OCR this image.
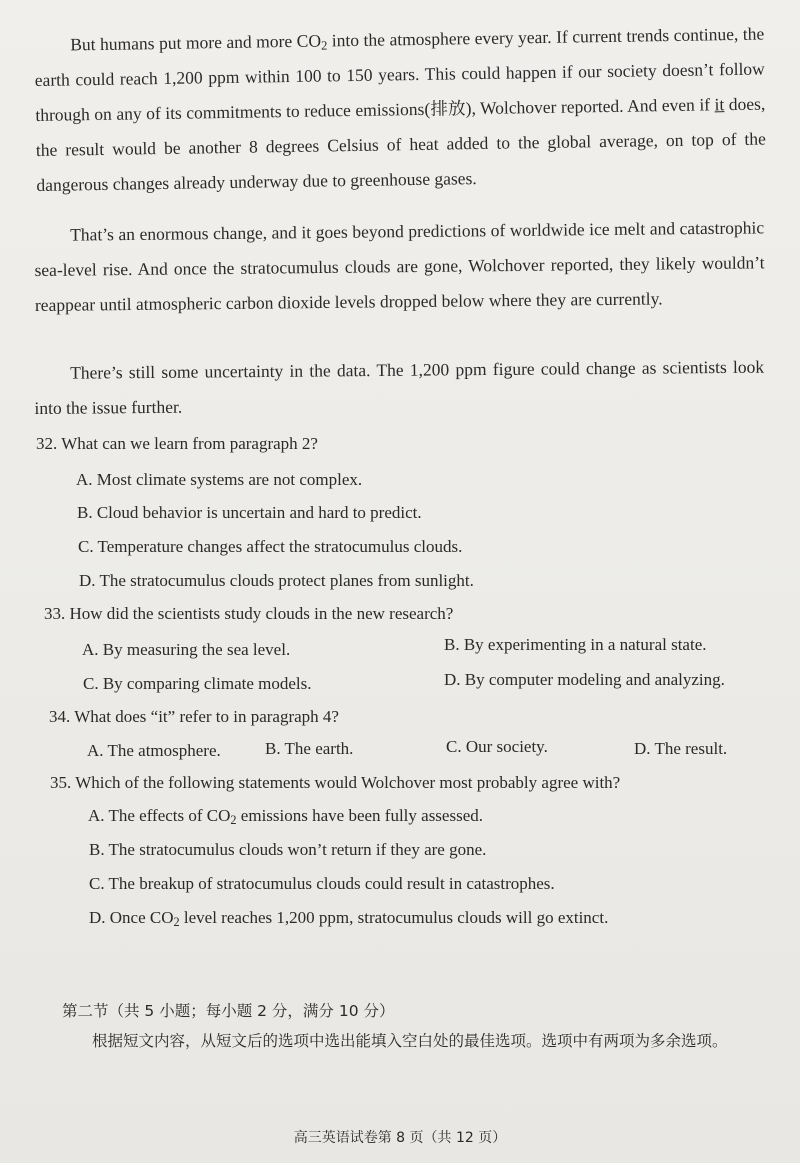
But humans put more and more $CO_2$ into the atmosphere every year. If current trends continue, the earth could reach 1,200 ppm within 100 to 150 years. This could happen if our society doesn’t follow through on any of its commitments to reduce emissions(排放), Wolchover reported. And even if it does, the result would be another 8 degrees Celsius of heat added to the global average, on top of the dangerous changes already underway due to greenhouse gases.

That’s an enormous change, and it goes beyond predictions of worldwide ice melt and catastrophic sea-level rise. And once the stratocumulus clouds are gone, Wolchover reported, they likely wouldn’t reappear until atmospheric carbon dioxide levels dropped below where they are currently.

There’s still some uncertainty in the data. The 1,200 ppm figure could change as scientists look into the issue further.

32. What can we learn from paragraph 2?
A. Most climate systems are not complex.
B. Cloud behavior is uncertain and hard to predict.
C. Temperature changes affect the stratocumulus clouds.
D. The stratocumulus clouds protect planes from sunlight.
33. How did the scientists study clouds in the new research?
A. By measuring the sea level.	B. By experimenting in a natural state.
C. By comparing climate models.	D. By computer modeling and analyzing.
34. What does “it” refer to in paragraph 4?
A. The atmosphere.	B. The earth.	C. Our society.	D. The result.
35. Which of the following statements would Wolchover most probably agree with?
A. The effects of $CO_2$ emissions have been fully assessed.
B. The stratocumulus clouds won’t return if they are gone.
C. The breakup of stratocumulus clouds could result in catastrophes.
D. Once $CO_2$ level reaches 1,200 ppm, stratocumulus clouds will go extinct.
第二节（共 5 小题；每小题 2 分，满分 10 分）
根据短文内容，从短文后的选项中选出能填入空白处的最佳选项。选项中有两项为多余选项。
高三英语试卷第 8 页（共 12 页）
